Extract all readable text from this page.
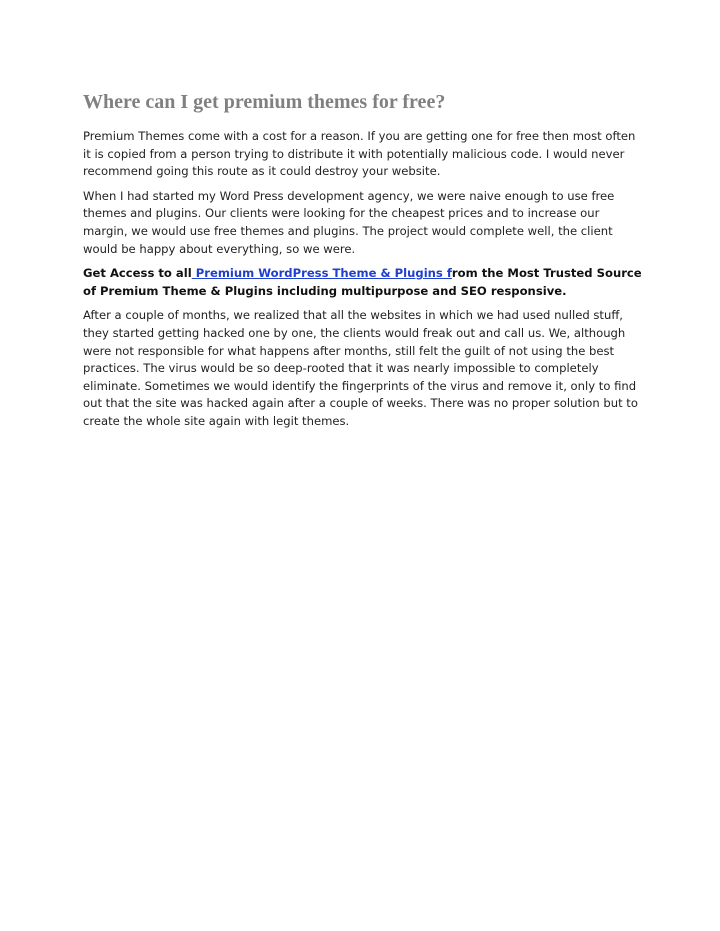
Where can I get premium themes for free?

Premium Themes come with a cost for a reason. If you are getting one for free then most often it is copied from a person trying to distribute it with potentially malicious code. I would never recommend going this route as it could destroy your website.

When I had started my Word Press development agency, we were naive enough to use free themes and plugins. Our clients were looking for the cheapest prices and to increase our margin, we would use free themes and plugins. The project would complete well, the client would be happy about everything, so we were.

Get Access to all Premium WordPress Theme & Plugins from the Most Trusted Source of Premium Theme & Plugins including multipurpose and SEO responsive.

After a couple of months, we realized that all the websites in which we had used nulled stuff, they started getting hacked one by one, the clients would freak out and call us. We, although were not responsible for what happens after months, still felt the guilt of not using the best practices. The virus would be so deep-rooted that it was nearly impossible to completely eliminate. Sometimes we would identify the fingerprints of the virus and remove it, only to find out that the site was hacked again after a couple of weeks. There was no proper solution but to create the whole site again with legit themes.
